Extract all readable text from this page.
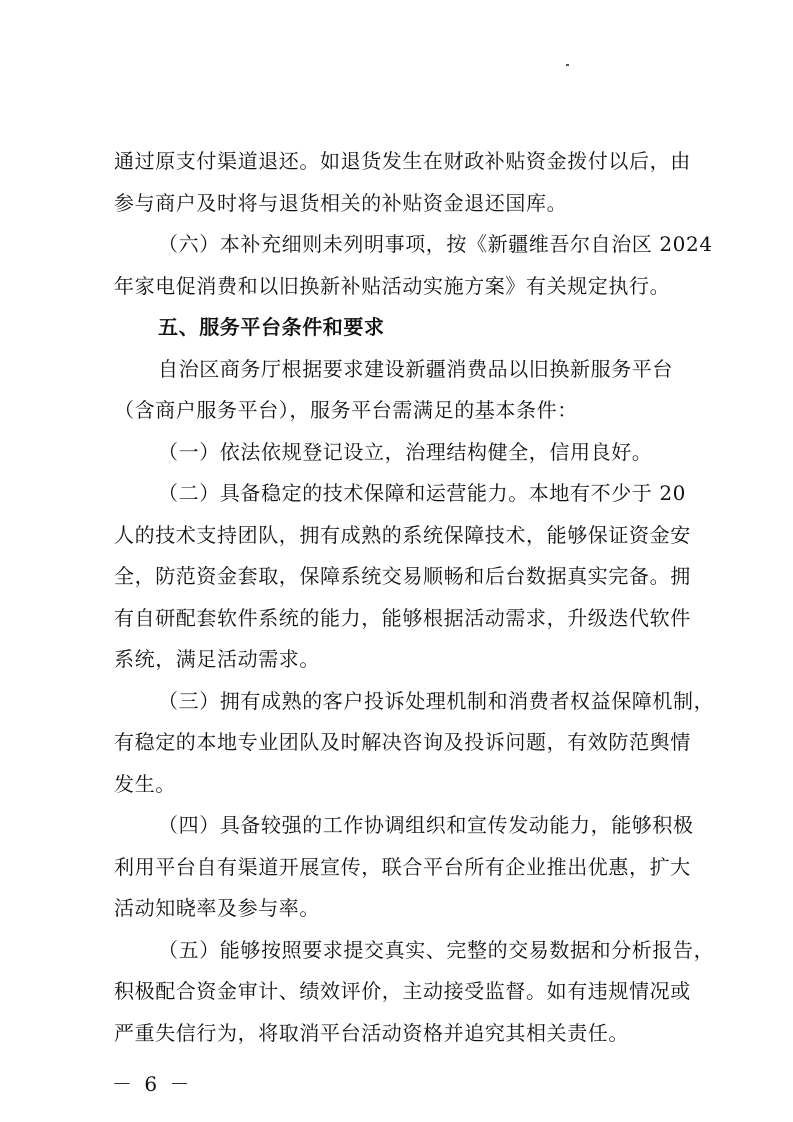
通过原支付渠道退还。如退货发生在财政补贴资金拨付以后，由
参与商户及时将与退货相关的补贴资金退还国库。
（六）本补充细则未列明事项，按《新疆维吾尔自治区 2024
年家电促消费和以旧换新补贴活动实施方案》有关规定执行。
五、服务平台条件和要求
自治区商务厅根据要求建设新疆消费品以旧换新服务平台
（含商户服务平台），服务平台需满足的基本条件：
（一）依法依规登记设立，治理结构健全，信用良好。
（二）具备稳定的技术保障和运营能力。本地有不少于 20
人的技术支持团队，拥有成熟的系统保障技术，能够保证资金安
全，防范资金套取，保障系统交易顺畅和后台数据真实完备。拥
有自研配套软件系统的能力，能够根据活动需求，升级迭代软件
系统，满足活动需求。
（三）拥有成熟的客户投诉处理机制和消费者权益保障机制，
有稳定的本地专业团队及时解决咨询及投诉问题，有效防范舆情
发生。
（四）具备较强的工作协调组织和宣传发动能力，能够积极
利用平台自有渠道开展宣传，联合平台所有企业推出优惠，扩大
活动知晓率及参与率。
（五）能够按照要求提交真实、完整的交易数据和分析报告，
积极配合资金审计、绩效评价，主动接受监督。如有违规情况或
严重失信行为，将取消平台活动资格并追究其相关责任。
－ 6 －
